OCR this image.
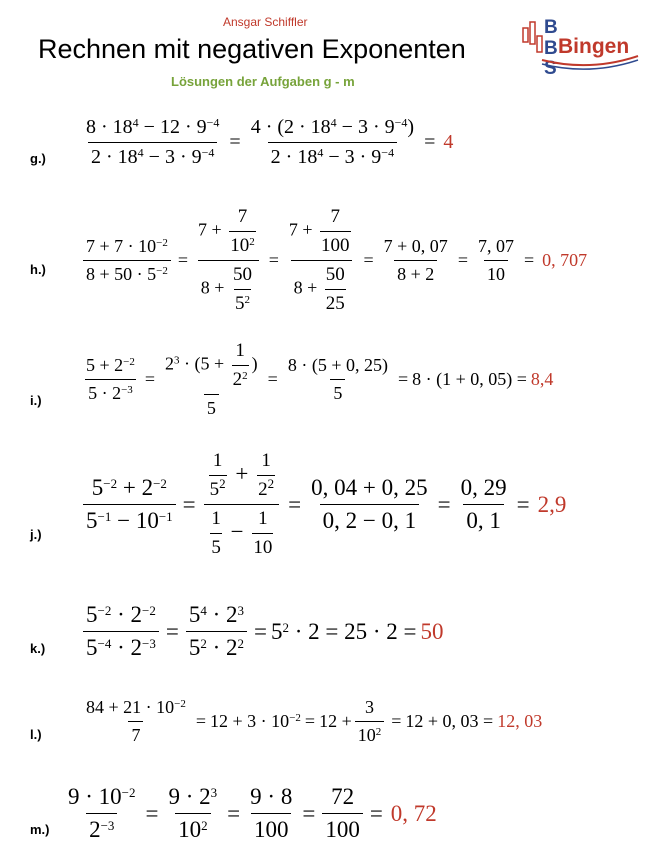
Ansgar Schiffler
Rechnen mit negativen Exponenten
Lösungen der Aufgaben g - m
B
B
S
Bingen
$g.) \frac{8 \cdot 18^4 - 12 \cdot 9^{-4}}{2 \cdot 18^4 - 3 \cdot 9^{-4}} = \frac{4 \cdot (2 \cdot 18^4 - 3 \cdot 9^{-4})}{2 \cdot 18^4 - 3 \cdot 9^{-4}} = 4$
$h.) \frac{7 + 7 \cdot 10^{-2}}{8 + 50 \cdot 5^{-2}} = \frac{7 + \frac{7}{10^2}}{8 + \frac{50}{5^2}} = \frac{7 + \frac{7}{100}}{8 + \frac{50}{25}} = \frac{7 + 0, 07}{8 + 2} = \frac{7, 07}{10} = 0$, 707
$i.) \frac{5 + 2^{-2}}{5 \cdot 2^{-3}} = \frac{2^3 \cdot (5 + \frac{1}{2^2} )}{5} = \frac{8 \cdot (5 + 0, 25)}{5} = 8 \cdot (1 + 0$, 05) = 8,4
j.)
$\frac{5^{-2} + 2^{-2}}{5^{-1} - 10^{-1}} = \frac{\frac{1}{5^2} + \frac{1}{2^2}}{\frac{1}{5} - \frac{1}{10}} = \frac{0, 04 + 0, 25}{0, 2 - 0, 1} = \frac{0, 29}{0, 1} = 2,9$
$k.) \frac{5^{-2} \cdot 2^{-2}}{5^{-4} \cdot 2^{-3}} = \frac{5^4 \cdot 2^3}{5^2 \cdot 2^2} = 5^2 \cdot 2 = 25 \cdot 2 = 50$
$l.) \frac{84 + 21 \cdot 10^{-2}}{7} = 12 + 3 \cdot 10^{-2} = 12 + \frac{3}{10^2} = 12 + 0$, 03 = 12, 03
$m.) \frac{9 \cdot 10^{-2}}{2^{-3}} = \frac{9 \cdot 2^3}{10^2} = \frac{9 \cdot 8}{100} = \frac{72}{100} = 0$, 72
